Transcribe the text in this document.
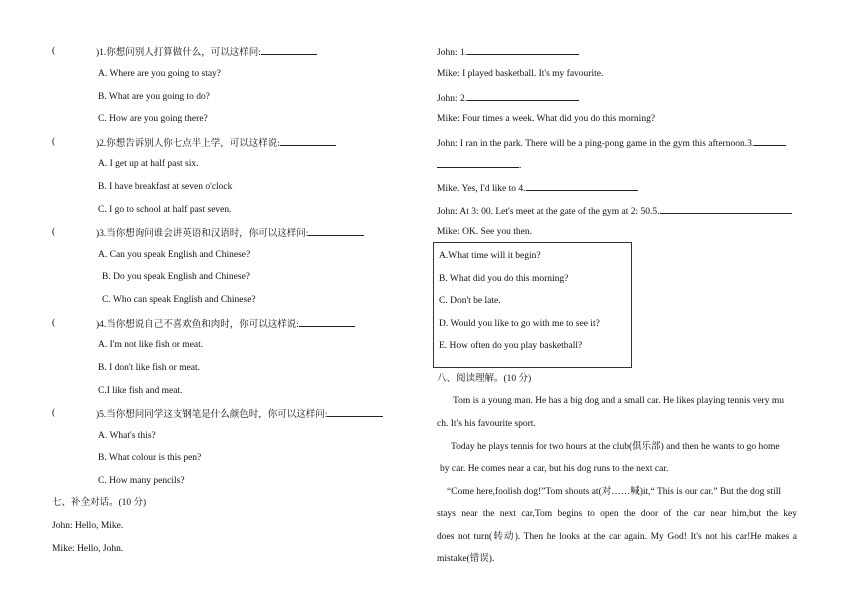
(	)1.你想问别人打算做什么，可以这样问:
A. Where are you going to stay?
B. What are you going to do?
C. How are you going there?
(	)2.你想告诉别人你七点半上学，可以这样说:
A. I get up at half past six.
B. I have breakfast at seven o'clock
C. I go to school at half past seven.
(	)3.当你想询问谁会讲英语和汉语时，你可以这样问:
A. Can you speak English and Chinese?
B. Do you speak English and Chinese?
C. Who can speak English and Chinese?
(	)4.当你想说自己不喜欢鱼和肉时，你可以这样说:
A. I'm not like fish or meat.
B. I don't like fish or meat.
C.I like fish and meat.
(	)5.当你想问同学这支钢笔是什么颜色时，你可以这样问:
A. What's this?
B. What colour is this pen?
C. How many pencils?
七、补全对话。(10 分)
John: Hello, Mike.
Mike: Hello, John.
John: 1.
Mike: I played basketball. It's my favourite.
John: 2.
Mike: Four times a week. What did you do this morning?
John: I ran in the park. There will be a ping-pong game in the gym this afternoon.3.
.
Mike. Yes, I'd like to 4.
John: At 3: 00. Let's meet at the gate of the gym at 2: 50.5.
Mike: OK. See you then.
A.What time will it begin?
B. What did you do this morning?
C. Don't be late.
D. Would you like to go with me to see it?
E. How often do you play basketball?
八、阅读理解。(10 分)
Tom is a young man. He has a big dog and a small car. He likes playing tennis very mu
ch. It's his favourite sport.
Today he plays tennis for two hours at the club(俱乐部) and then he wants to go home
by car. He comes near a car, but his dog runs to the next car.
“Come here,foolish dog!”Tom shouts at(对……喊)it,“ This is our car.” But the dog still
stays near the next car,Tom begins to open the door of the car near him,but the key
does not turn(转动). Then he looks at the car again. My God! It's not his car!He makes a
mistake(错误).
